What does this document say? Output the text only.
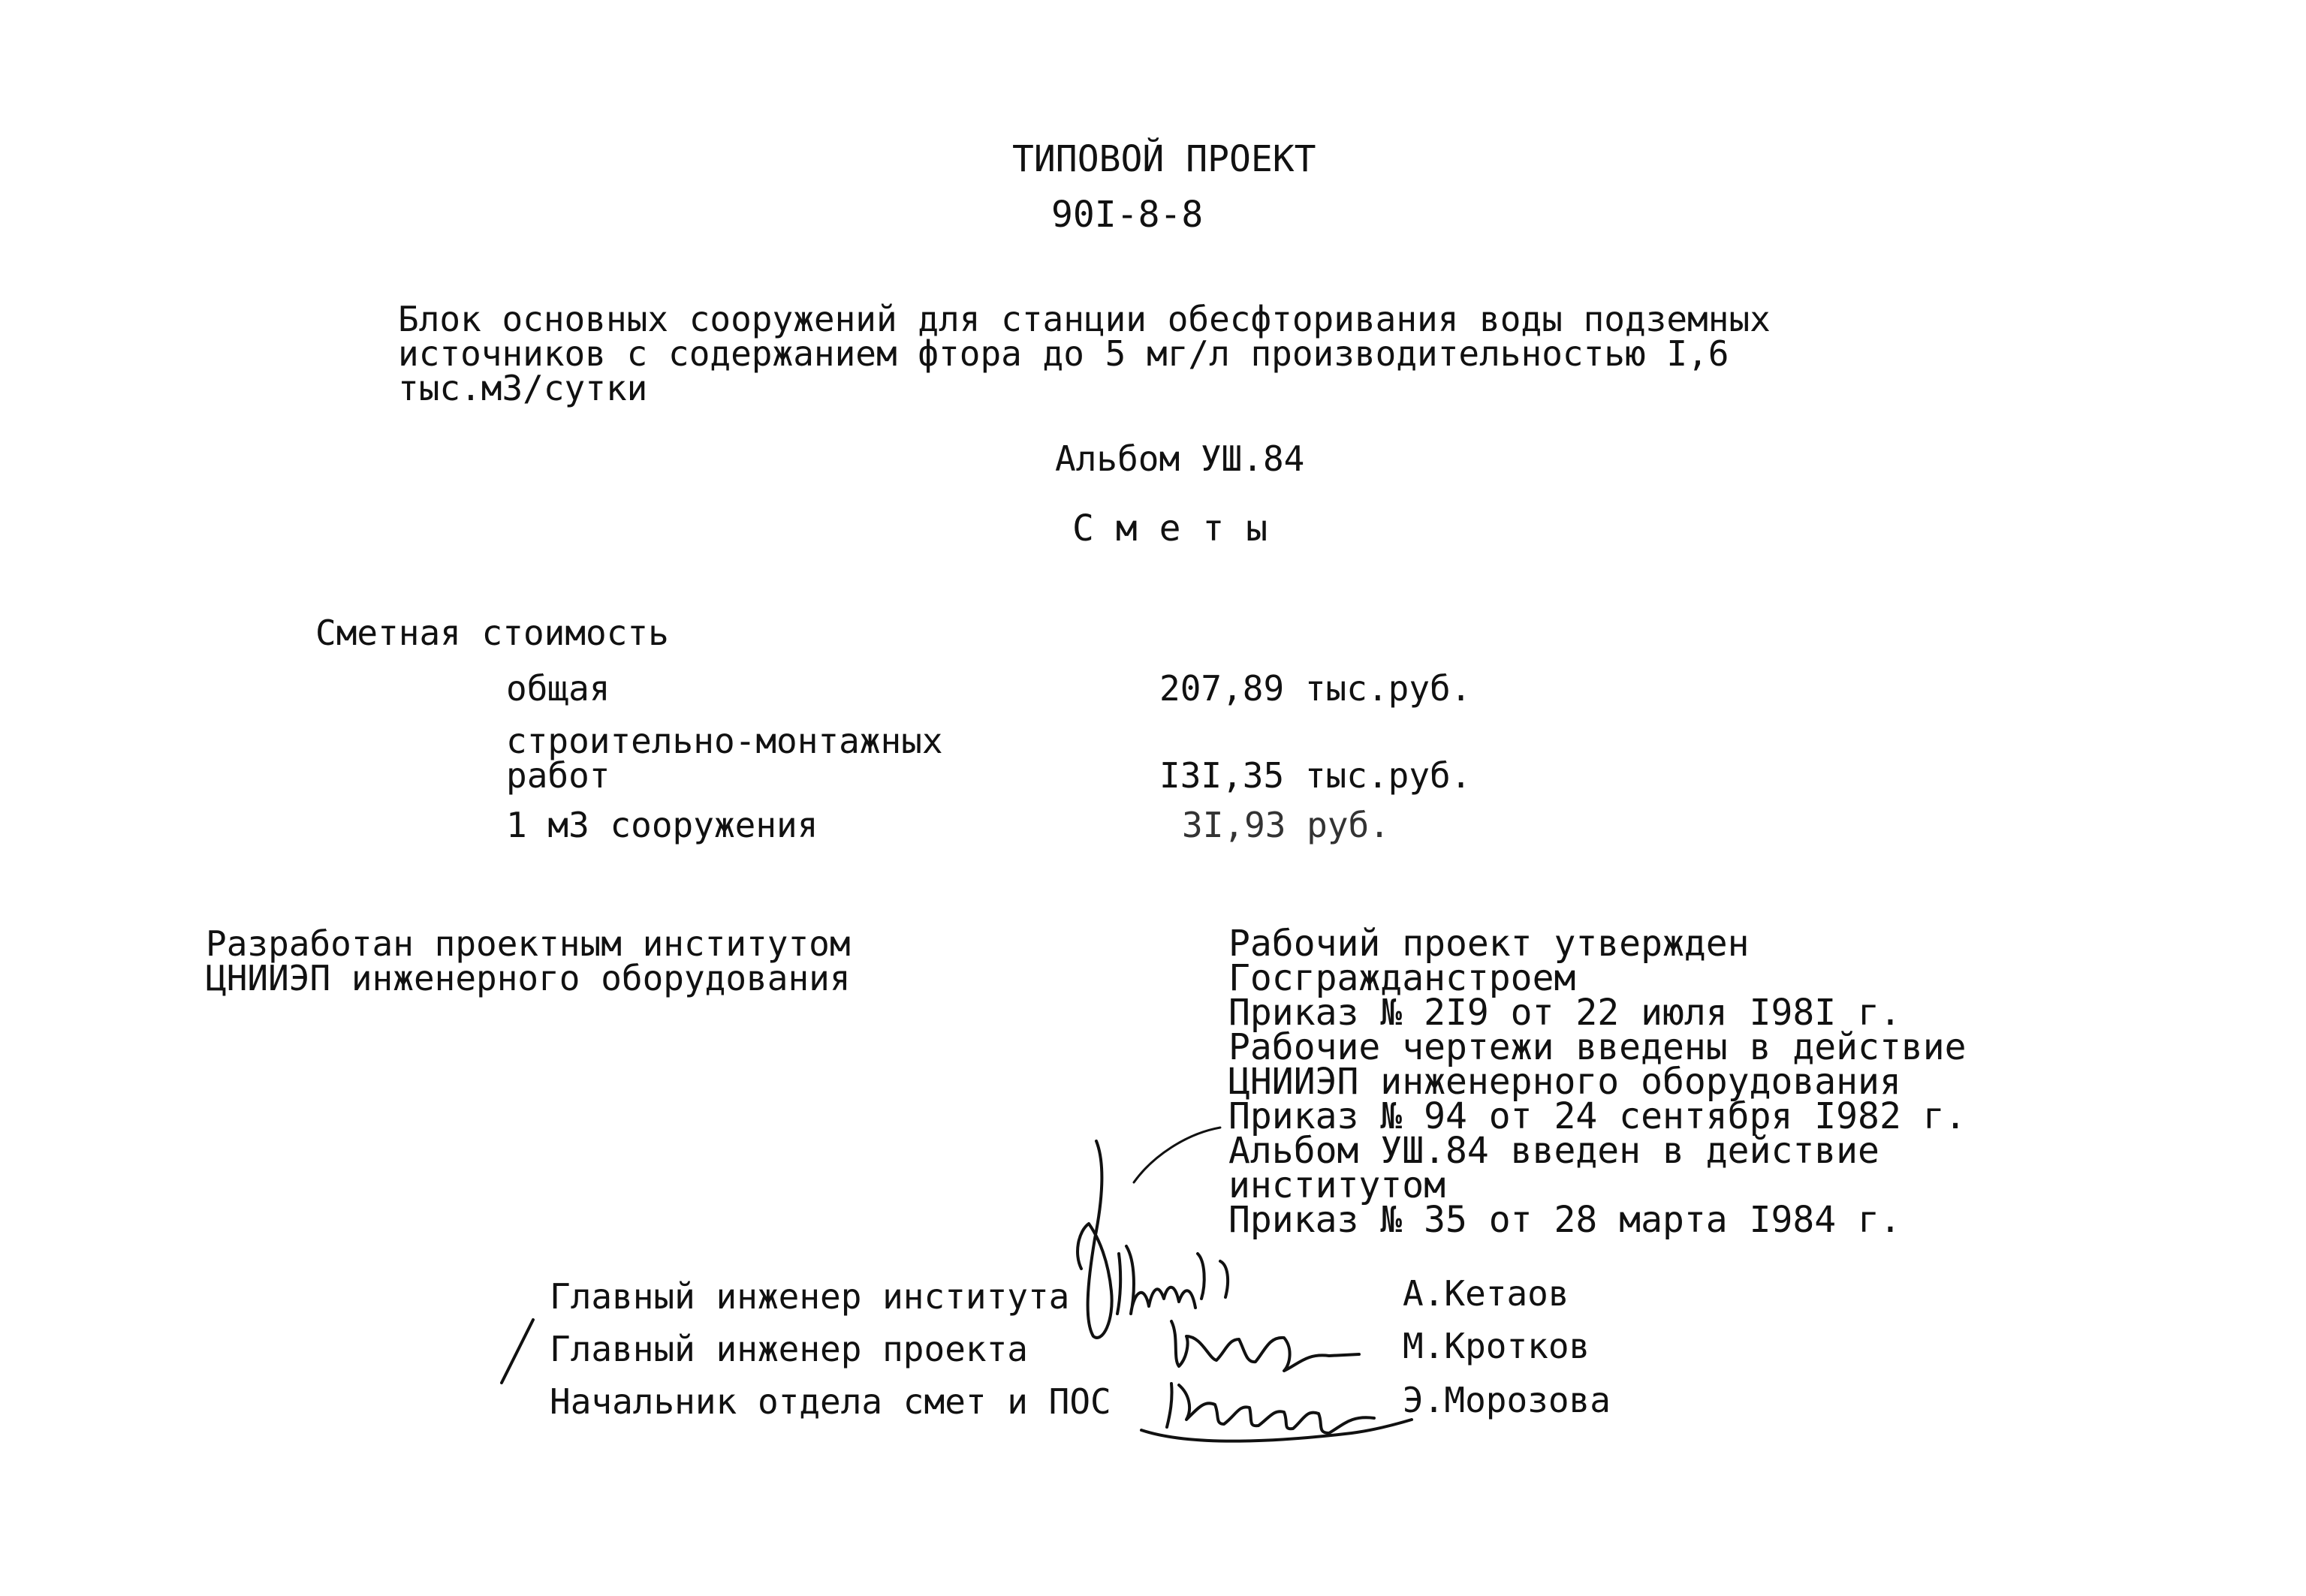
ТИПОВОЙ ПРОЕКТ
90I-8-8
Блок основных сооружений для станции обесфторивания воды подземных
источников с содержанием фтора до 5 мг/л производительностью I,6
тыс.м3/сутки
Альбом УШ.84
С м е т ы
Сметная стоимость
общая	207,89 тыс.руб.
строительно-монтажных
работ	I3I,35 тыс.руб.
1 м3 сооружения	3I,93 руб.
Разработан проектным институтом
ЦНИИЭП инженерного оборудования
Рабочий проект утвержден
Госгражданстроем
Приказ № 2I9 от 22 июля I98I г.
Рабочие чертежи введены в действие
ЦНИИЭП инженерного оборудования
Приказ № 94 от 24 сентября I982 г.
Альбом УШ.84 введен в действие
институтом
Приказ № 35 от 28 марта I984 г.
Главный инженер института	А.Кетаов
Главный инженер проекта	М.Кротков
Начальник отдела смет и ПОС	Э.Морозова
